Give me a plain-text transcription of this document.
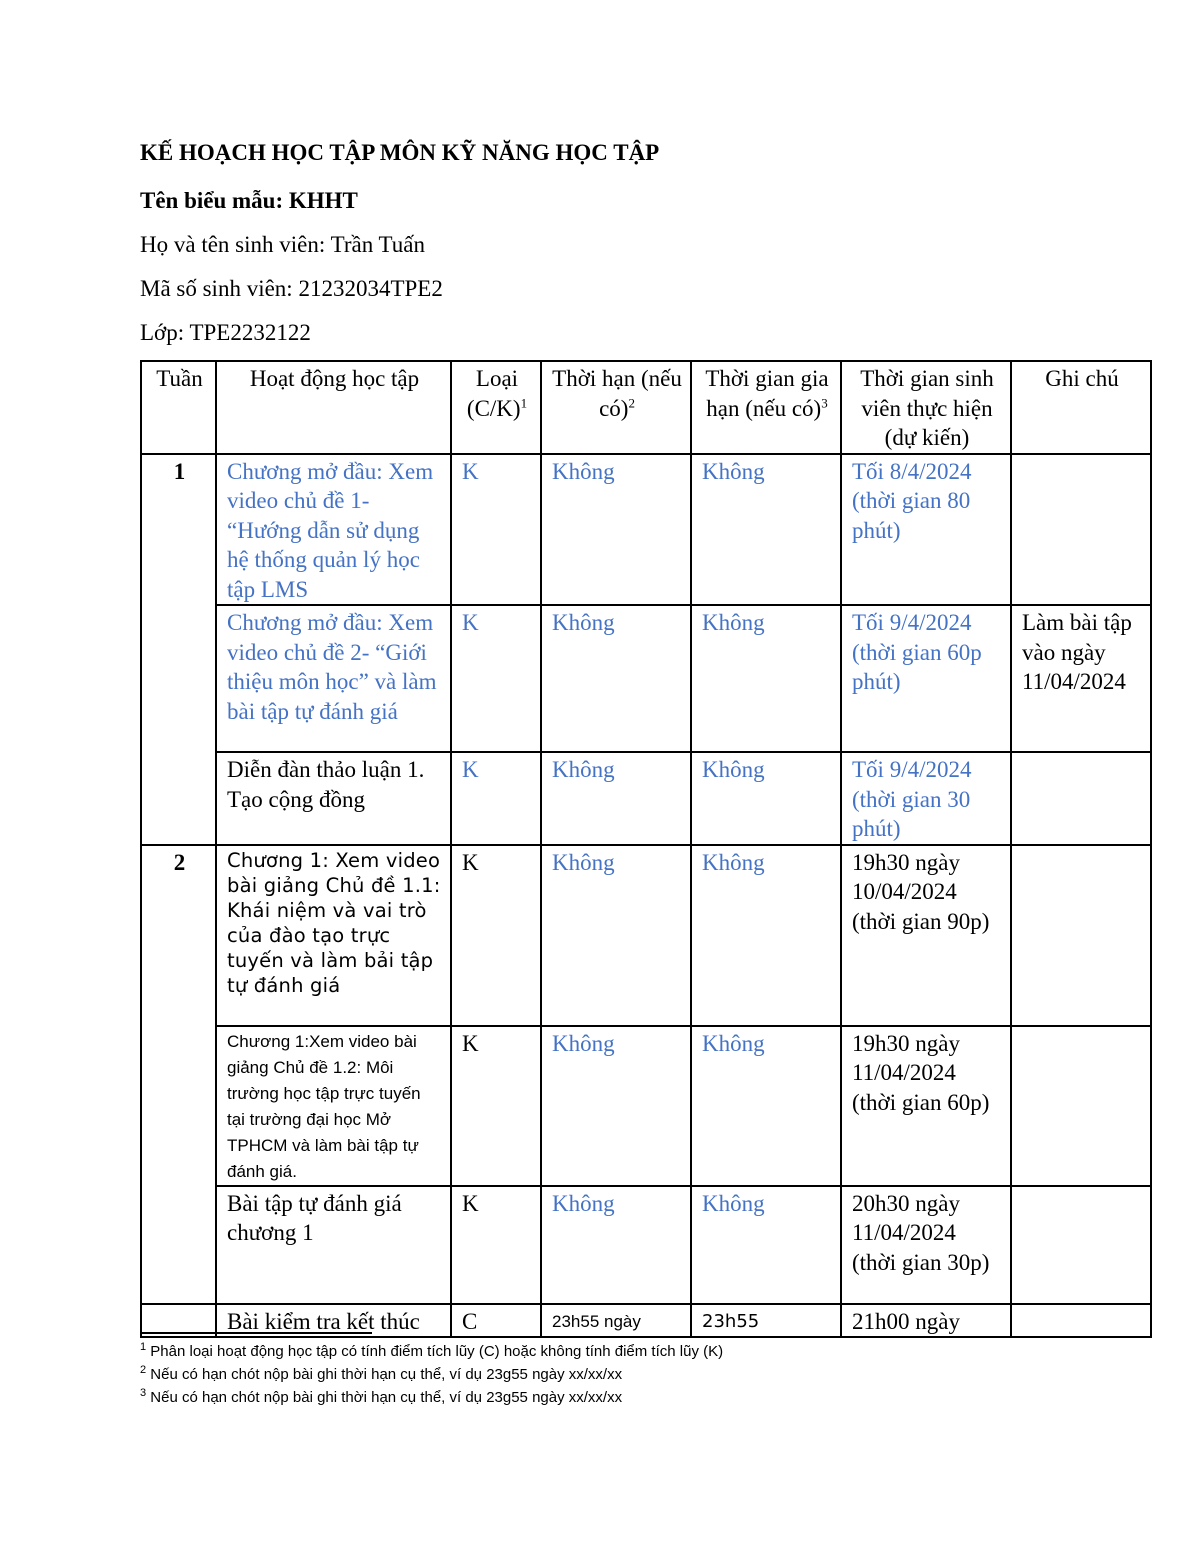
KẾ HOẠCH HỌC TẬP MÔN KỸ NĂNG HỌC TẬP

Tên biểu mẫu: KHHT

Họ và tên sinh viên: Trần Tuấn

Mã số sinh viên: 21232034TPE2

Lớp: TPE2232122

Tuần	Hoạt động học tập	Loại $(C/K)^1$	Thời hạn (nếu có)$^2$	Thời gian gia hạn (nếu có)$^3$	Thời gian sinh viên thực hiện (dự kiến)	Ghi chú
1	Chương mở đầu: Xem video chủ đề 1- “Hướng dẫn sử dụng hệ thống quản lý học tập LMS	K	Không	Không	Tối 8/4/2024 (thời gian 80 phút)	
	Chương mở đầu: Xem video chủ đề 2- “Giới thiệu môn học” và làm bài tập tự đánh giá	K	Không	Không	Tối 9/4/2024 (thời gian 60p phút)	Làm bài tập vào ngày 11/04/2024
	Diễn đàn thảo luận 1. Tạo cộng đồng	K	Không	Không	Tối 9/4/2024 (thời gian 30 phút)	
2	Chương 1: Xem video bài giảng Chủ đề 1.1: Khái niệm và vai trò của đào tạo trực tuyến và làm bải tập tự đánh giá	K	Không	Không	19h30 ngày 10/04/2024 (thời gian 90p)	
	Chương 1:Xem video bài giảng Chủ đề 1.2: Môi trường học tập trực tuyến tại trường đại học Mở TPHCM và làm bài tập tự đánh giá.	K	Không	Không	19h30 ngày 11/04/2024 (thời gian 60p)	
	Bài tập tự đánh giá chương 1	K	Không	Không	20h30 ngày 11/04/2024 (thời gian 30p)	
	Bài kiểm tra kết thúc	C	23h55 ngày	23h55	21h00 ngày	
$^1$ Phân loại hoạt động học tập có tính điểm tích lũy (C) hoặc không tính điểm tích lũy (K)
$^2$ Nếu có hạn chót nộp bài ghi thời hạn cụ thể, ví dụ 23g55 ngày xx/xx/xx
$^3$ Nếu có hạn chót nộp bài ghi thời hạn cụ thể, ví dụ 23g55 ngày xx/xx/xx
